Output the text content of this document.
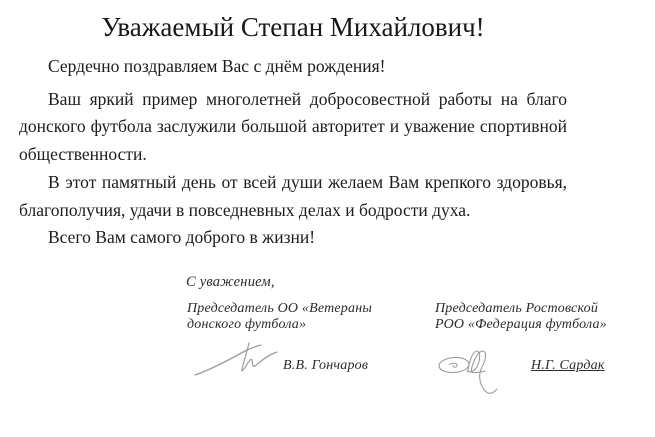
Уважаемый Степан Михайлович!

Сердечно поздравляем Вас с днём рождения!

Ваш яркий пример многолетней добросовестной работы на благо донского футбола заслужили большой авторитет и уважение спортивной общественности.

В этот памятный день от всей души желаем Вам крепкого здоровья, благополучия, удачи в повседневных делах и бодрости духа.

Всего Вам самого доброго в жизни!

С уважением,
Председатель ОО «Ветераны
донского футбола»
Председатель Ростовской
РОО «Федерация футбола»
В.В. Гончаров	Н.Г. Сардак
